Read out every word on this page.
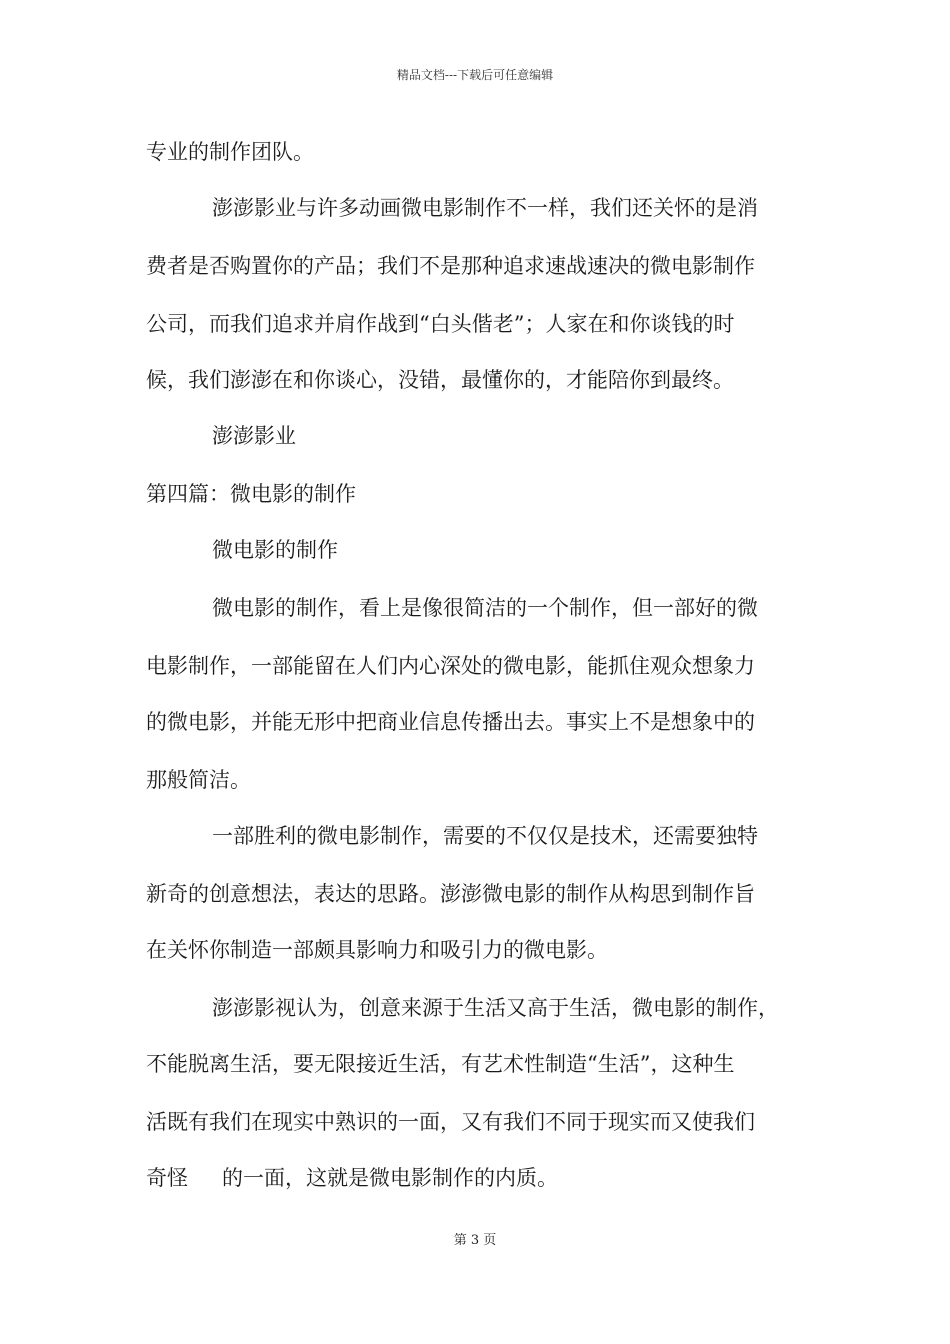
精品文档---下载后可任意编辑

专业的制作团队。

澎澎影业与许多动画微电影制作不一样，我们还关怀的是消

费者是否购置你的产品；我们不是那种追求速战速决的微电影制作

公司，而我们追求并肩作战到“白头偕老”；人家在和你谈钱的时

候，我们澎澎在和你谈心，没错，最懂你的，才能陪你到最终。

澎澎影业

第四篇：微电影的制作

微电影的制作

微电影的制作，看上是像很简洁的一个制作，但一部好的微

电影制作，一部能留在人们内心深处的微电影，能抓住观众想象力

的微电影，并能无形中把商业信息传播出去。事实上不是想象中的

那般简洁。

一部胜利的微电影制作，需要的不仅仅是技术，还需要独特

新奇的创意想法，表达的思路。澎澎微电影的制作从构思到制作旨

在关怀你制造一部颇具影响力和吸引力的微电影。

澎澎影视认为，创意来源于生活又高于生活，微电影的制作，

不能脱离生活，要无限接近生活，有艺术性制造“生活”，这种生

活既有我们在现实中熟识的一面，又有我们不同于现实而又使我们

奇怪 的一面，这就是微电影制作的内质。

第 3 页
